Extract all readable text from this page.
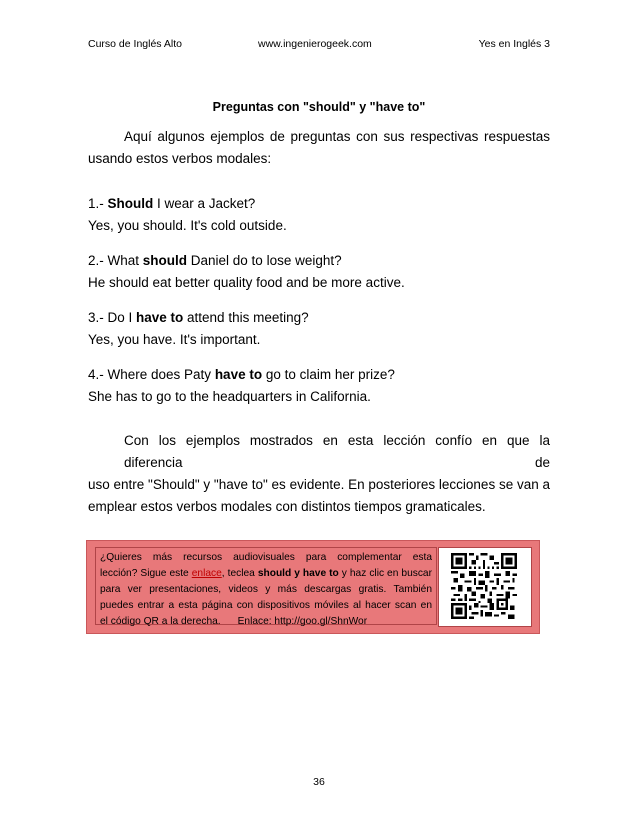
Curso de Inglés Alto	www.ingenierogeek.com	Yes en Inglés 3
Preguntas con "should" y "have to"
Aquí algunos ejemplos de preguntas con sus respectivas respuestas
usando estos verbos modales:
1.- Should I wear a Jacket?
Yes, you should. It's cold outside.
2.- What should Daniel do to lose weight?
He should eat better quality food and be more active.
3.- Do I have to attend this meeting?
Yes, you have. It's important.
4.- Where does Paty have to go to claim her prize?
She has to go to the headquarters in California.
Con los ejemplos mostrados en esta lección confío en que la diferencia de
uso entre "Should" y "have to" es evidente. En posteriores lecciones se van a
emplear estos verbos modales con distintos tiempos gramaticales.
¿Quieres más recursos audiovisuales para complementar esta
lección? Sigue este enlace, teclea should y have to y haz clic en buscar
para ver presentaciones, videos y más descargas gratis. También
puedes entrar a esta página con dispositivos móviles al hacer scan en
el código QR a la derecha. Enlace: http://goo.gl/ShnWor
36
